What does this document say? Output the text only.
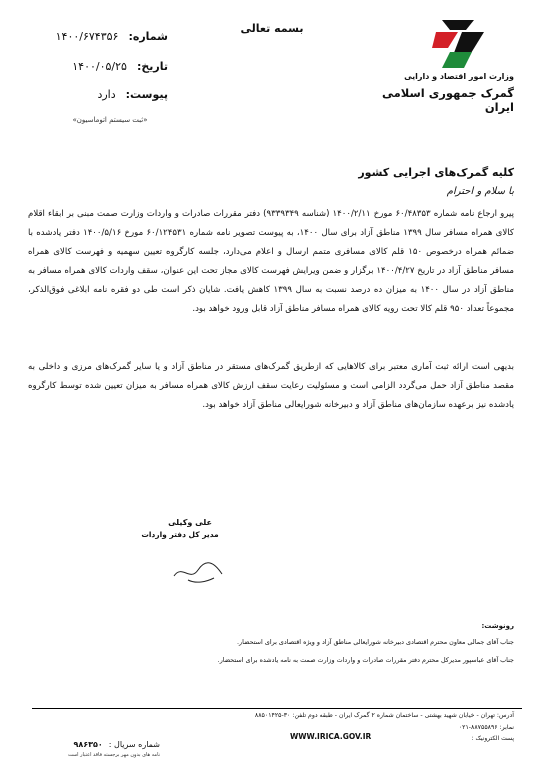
بسمه تعالی
شماره:
۱۴۰۰/۶۷۴۳۵۶
تاریخ:
۱۴۰۰/۰۵/۲۵
پیوست:
دارد
«ثبت سیستم اتوماسیون»
وزارت امور اقتصاد و دارایی
گمرک جمهوری اسلامی ایران
کلیه گمرک‌های اجرایی کشور
با سلام و احترام
پیرو ارجاع نامه شماره ۶۰/۴۸۳۵۳ مورخ ۱۴۰۰/۲/۱۱ (شناسه ۹۳۳۹۳۴۹) دفتر مقررات صادرات و واردات وزارت صمت مبنی بر ابقاء اقلام کالای همراه مسافر سال ۱۳۹۹ مناطق آزاد برای سال ۱۴۰۰، به پیوست تصویر نامه شماره ۶۰/۱۲۴۵۳۱ مورخ ۱۴۰۰/۵/۱۶ دفتر یادشده با ضمائم همراه درخصوص ۱۵۰ قلم کالای مسافری متمم ارسال و اعلام می‌دارد، جلسه کارگروه تعیین سهمیه و فهرست کالای همراه مسافر مناطق آزاد در تاریخ ۱۴۰۰/۴/۲۷ برگزار و ضمن ویرایش فهرست کالای مجاز تحت این عنوان، سقف واردات کالای همراه مسافر به مناطق آزاد در سال ۱۴۰۰ به میزان ده درصد نسبت به سال ۱۳۹۹ کاهش یافت. شایان ذکر است طی دو فقره نامه ابلاغی فوق‌الذکر، مجموعاً تعداد ۹۵۰ قلم کالا تحت رویه کالای همراه مسافر مناطق آزاد قابل ورود خواهد بود.
بدیهی است ارائه ثبت آماری معتبر برای کالاهایی که ازطریق گمرک‌های مستقر در مناطق آزاد و یا سایر گمرک‌های مرزی و داخلی به مقصد مناطق آزاد حمل می‌گردد الزامی است و مسئولیت رعایت سقف ارزش کالای همراه مسافر به میزان تعیین شده توسط کارگروه یادشده نیز برعهده سازمان‌های مناطق آزاد و دبیرخانه شورایعالی مناطق آزاد خواهد بود.
علی وکیلی
مدیر کل دفتر واردات
رونوشت:
جناب آقای جمالی معاون محترم اقتصادی دبیرخانه شورایعالی مناطق آزاد و ویژه اقتصادی برای استحضار.
جناب آقای عباسپور مدیرکل محترم دفتر مقررات صادرات و واردات وزارت صمت به نامه یادشده برای استحضار.
آدرس: تهران - خیابان شهید بهشتی - ساختمان شماره ۲ گمرک ایران - طبقه دوم تلفن: ۳۰-۸۸۵۰۱۴۲۵
نمابر: ۸۸۷۵۵۸۹۶-۰۲۱
WWW.IRICA.GOV.IR	پست الکترونیک :
شماره سریال :۹۸۶۳۵۰
نامه های بدون مهر برجسته فاقد اعتبار است
